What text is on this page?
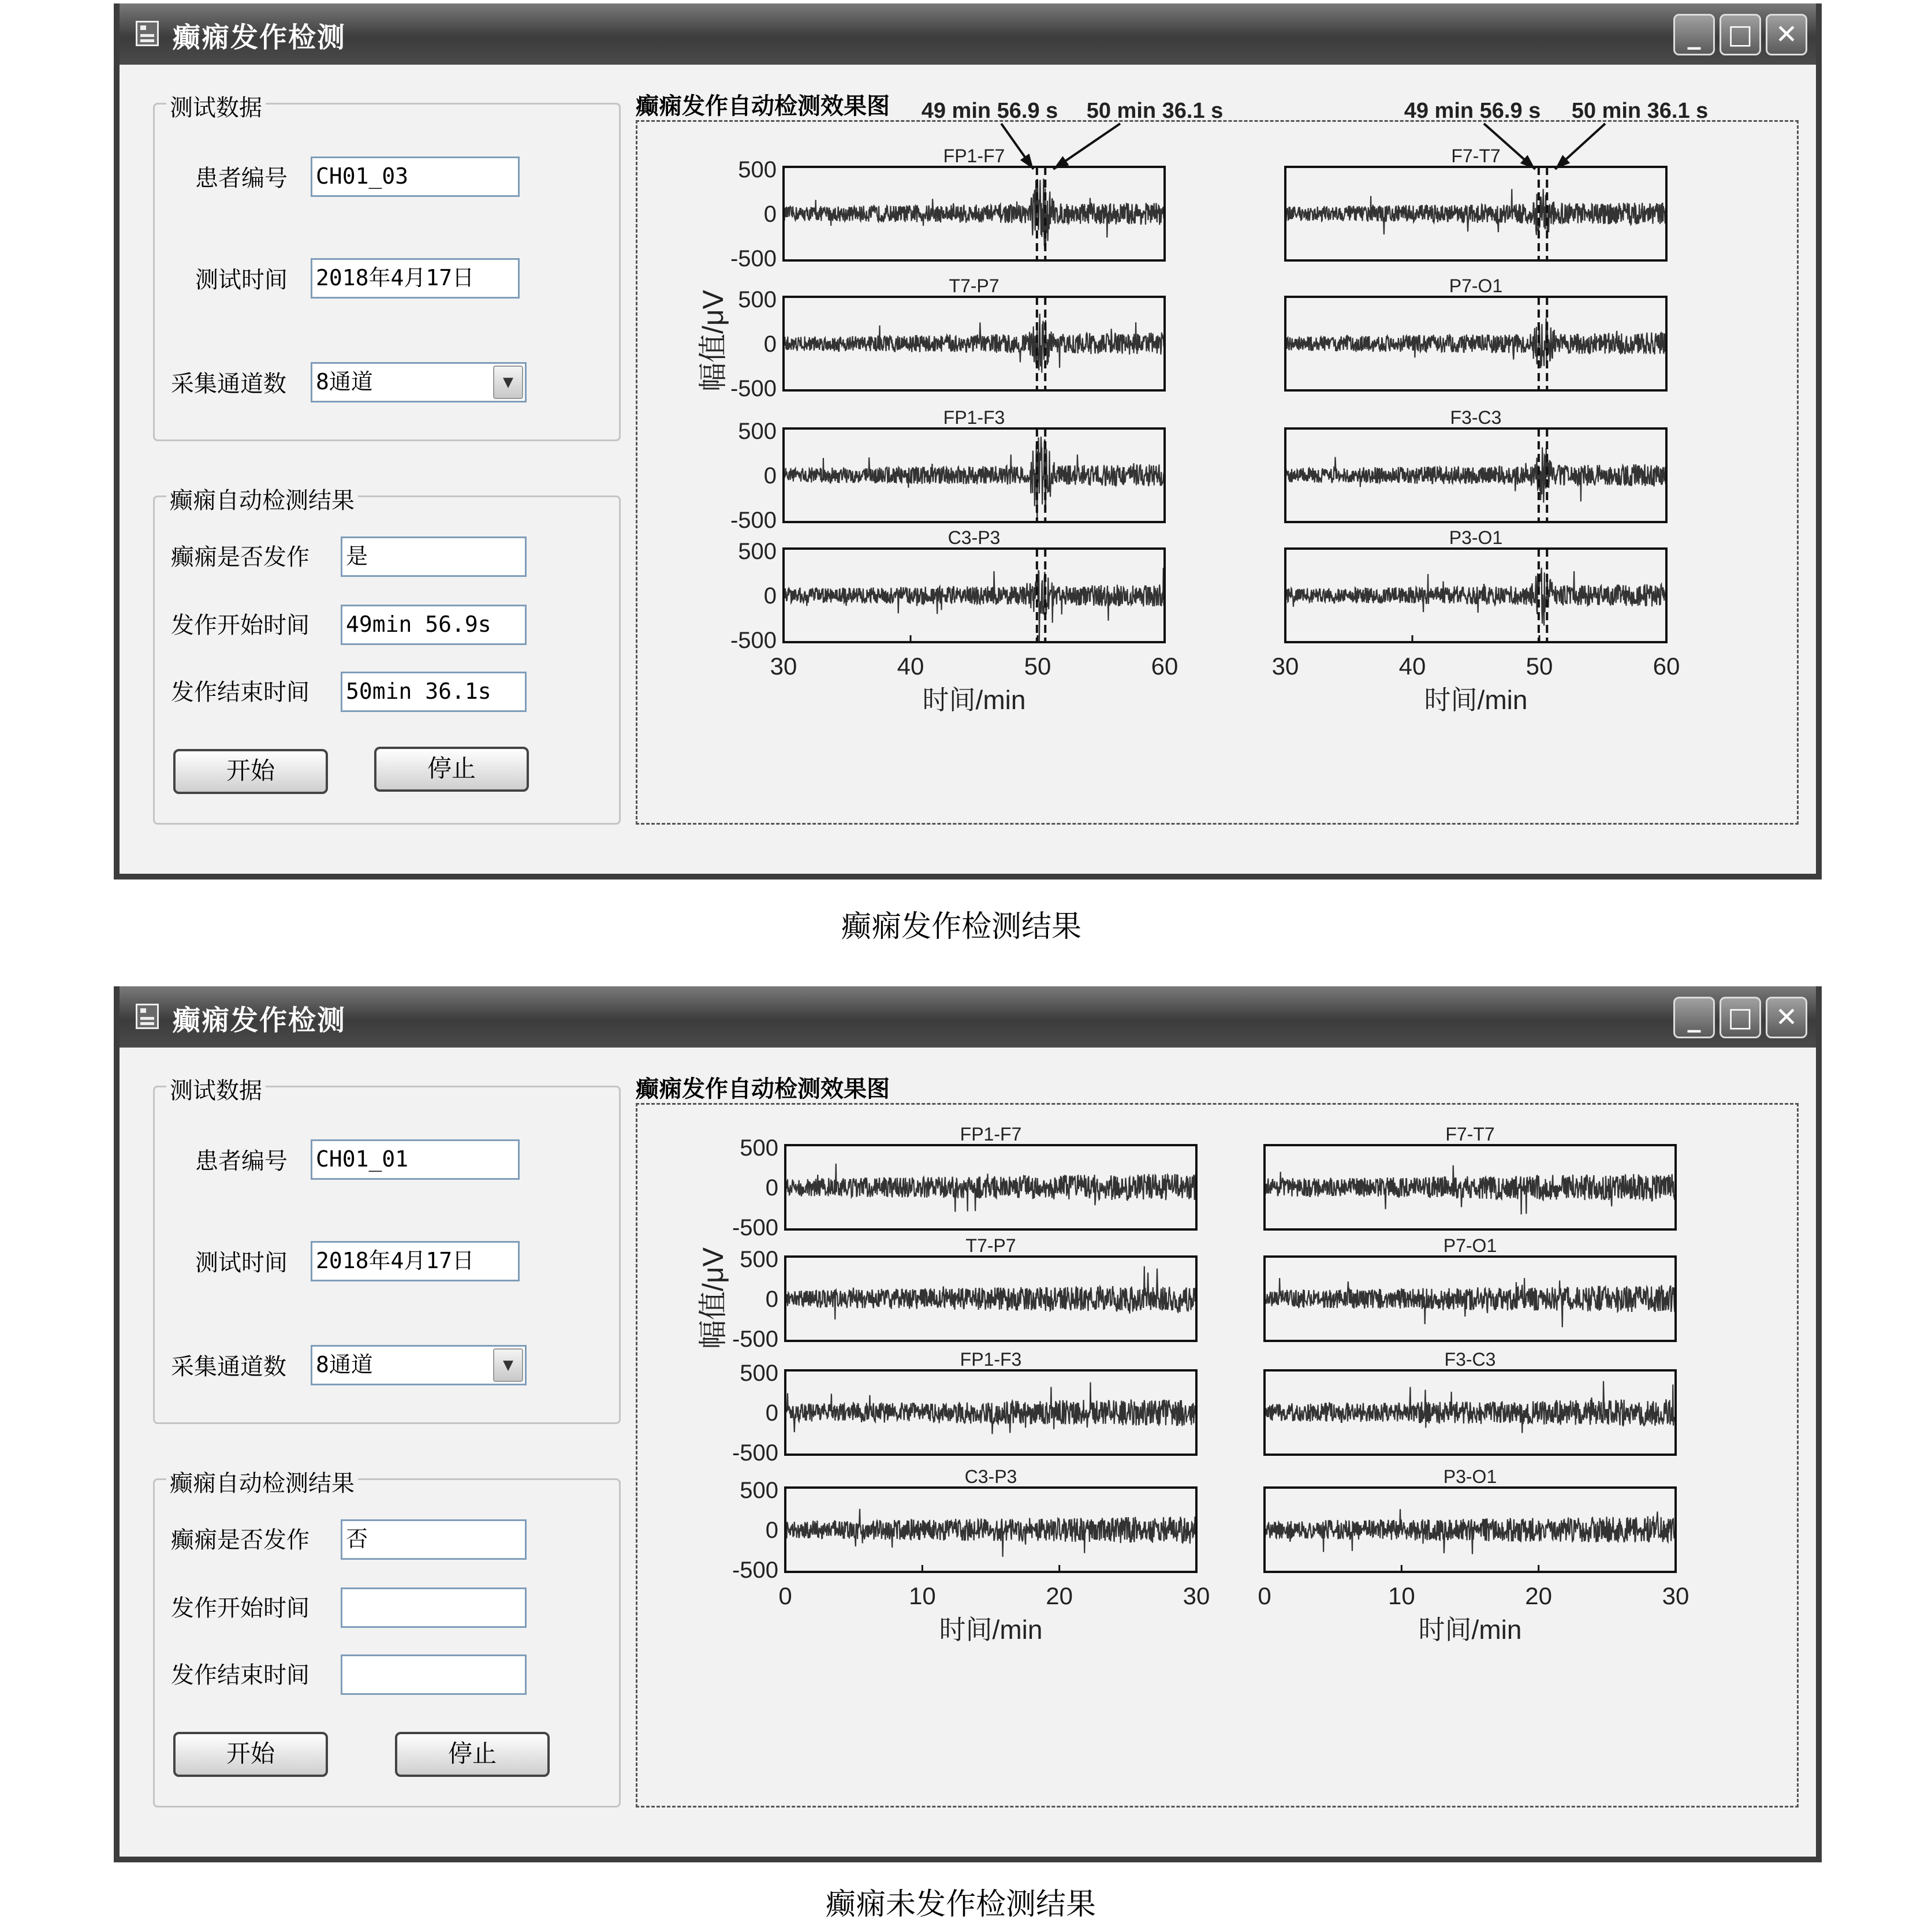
癫痫发作检测	_	□ ✕
测试数据
患者编号 CH01_03
测试时间 2018年4月17日
采集通道数 8通道	▼
癫痫自动检测结果
癫痫是否发作 是
发作开始时间 49min 56.9s
发作结束时间 50min 36.1s
开始	停止
癫痫发作自动检测效果图
FP1-F7
500
0
-500
T7-P7
500
0
-500
FP1-F3
500
0
-500
C3-P3
500
0
-500
30	40	50	60
时间/min
F7-T7
P7-O1
F3-C3
P3-O1
30	40	50	60
时间/min
幅值/μV
49 min 56.9 s 50 min 36.1 s	49 min 56.9 s 50 min 36.1 s
癫痫发作检测结果
癫痫发作检测	_	□ ✕
测试数据
患者编号 CH01_01
测试时间 2018年4月17日
采集通道数 8通道	▼
癫痫自动检测结果
癫痫是否发作 否
发作开始时间
发作结束时间
开始	停止
癫痫发作自动检测效果图
FP1-F7
500
0
-500
T7-P7
500
0
-500
FP1-F3
500
0
-500
C3-P3
500
0
-500
0	10	20	30
时间/min
F7-T7
P7-O1
F3-C3
P3-O1
0	10	20	30
时间/min
幅值/μV
癫痫未发作检测结果
